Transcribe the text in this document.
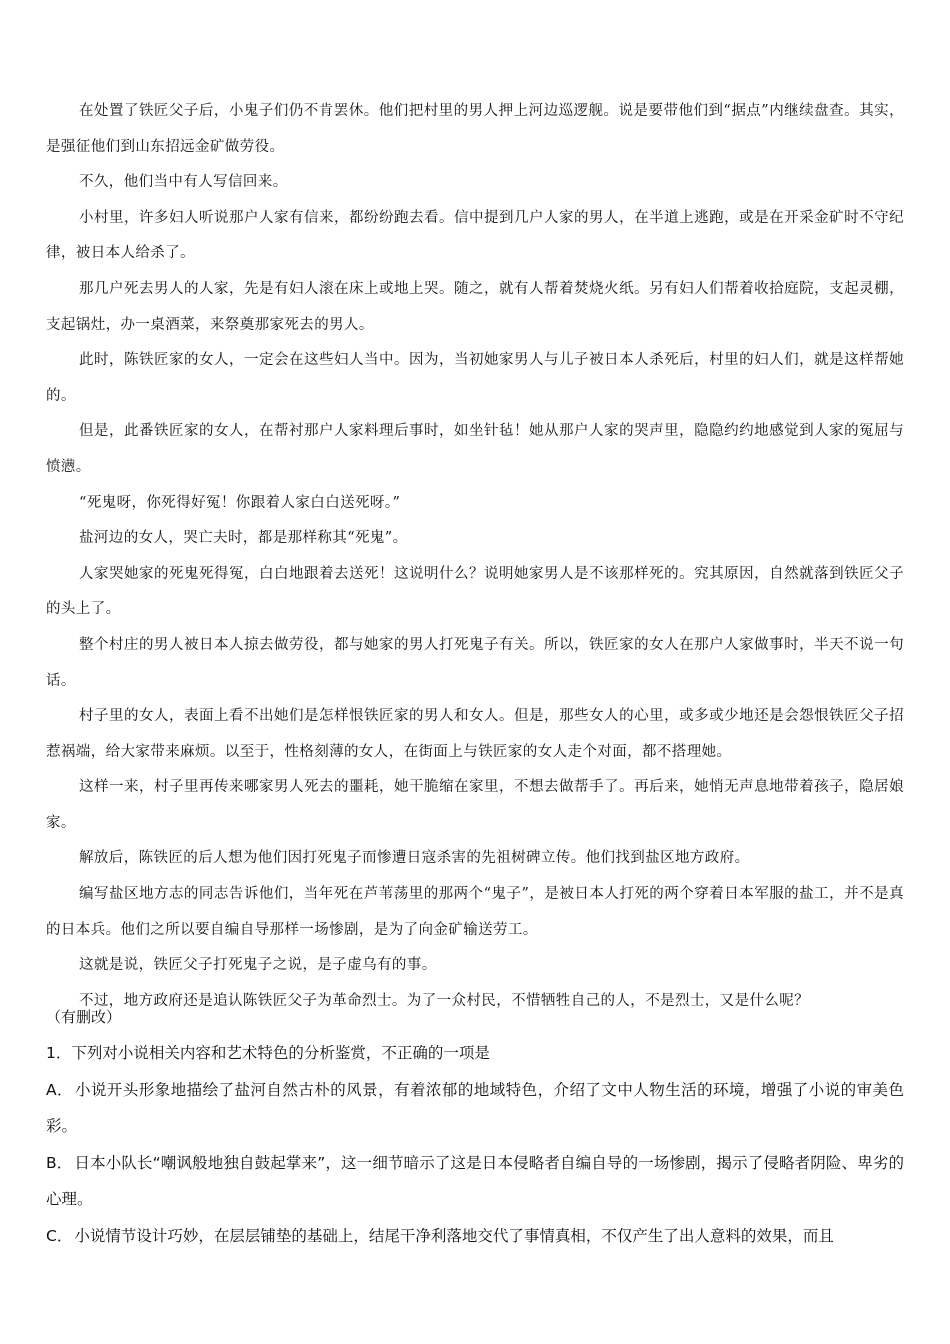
在处置了铁匠父子后，小鬼子们仍不肯罢休。他们把村里的男人押上河边巡逻舰。说是要带他们到“据点”内继续盘查。其实，是强征他们到山东招远金矿做劳役。

不久，他们当中有人写信回来。

小村里，许多妇人听说那户人家有信来，都纷纷跑去看。信中提到几户人家的男人，在半道上逃跑，或是在开采金矿时不守纪律，被日本人给杀了。

那几户死去男人的人家，先是有妇人滚在床上或地上哭。随之，就有人帮着焚烧火纸。另有妇人们帮着收拾庭院，支起灵棚，支起锅灶，办一桌酒菜，来祭奠那家死去的男人。

此时，陈铁匠家的女人，一定会在这些妇人当中。因为，当初她家男人与儿子被日本人杀死后，村里的妇人们，就是这样帮她的。

但是，此番铁匠家的女人，在帮衬那户人家料理后事时，如坐针毡！她从那户人家的哭声里，隐隐约约地感觉到人家的冤屈与愤懑。

“死鬼呀，你死得好冤！你跟着人家白白送死呀。”

盐河边的女人，哭亡夫时，都是那样称其“死鬼”。

人家哭她家的死鬼死得冤，白白地跟着去送死！这说明什么？说明她家男人是不该那样死的。究其原因，自然就落到铁匠父子的头上了。

整个村庄的男人被日本人掠去做劳役，都与她家的男人打死鬼子有关。所以，铁匠家的女人在那户人家做事时，半天不说一句话。

村子里的女人，表面上看不出她们是怎样恨铁匠家的男人和女人。但是，那些女人的心里，或多或少地还是会怨恨铁匠父子招惹祸端，给大家带来麻烦。以至于，性格刻薄的女人，在街面上与铁匠家的女人走个对面，都不搭理她。

这样一来，村子里再传来哪家男人死去的噩耗，她干脆缩在家里，不想去做帮手了。再后来，她悄无声息地带着孩子，隐居娘家。

解放后，陈铁匠的后人想为他们因打死鬼子而惨遭日寇杀害的先祖树碑立传。他们找到盐区地方政府。

编写盐区地方志的同志告诉他们，当年死在芦苇荡里的那两个“鬼子”，是被日本人打死的两个穿着日本军服的盐工，并不是真的日本兵。他们之所以要自编自导那样一场惨剧，是为了向金矿输送劳工。

这就是说，铁匠父子打死鬼子之说，是子虚乌有的事。

不过，地方政府还是追认陈铁匠父子为革命烈士。为了一众村民，不惜牺牲自己的人，不是烈士，又是什么呢？

（有删改）

1．下列对小说相关内容和艺术特色的分析鉴赏，不正确的一项是

A． 小说开头形象地描绘了盐河自然古朴的风景，有着浓郁的地域特色，介绍了文中人物生活的环境，增强了小说的审美色彩。

B． 日本小队长“嘲讽般地独自鼓起掌来”，这一细节暗示了这是日本侵略者自编自导的一场惨剧，揭示了侵略者阴险、卑劣的心理。

C． 小说情节设计巧妙，在层层铺垫的基础上，结尾干净利落地交代了事情真相，不仅产生了出人意料的效果，而且
